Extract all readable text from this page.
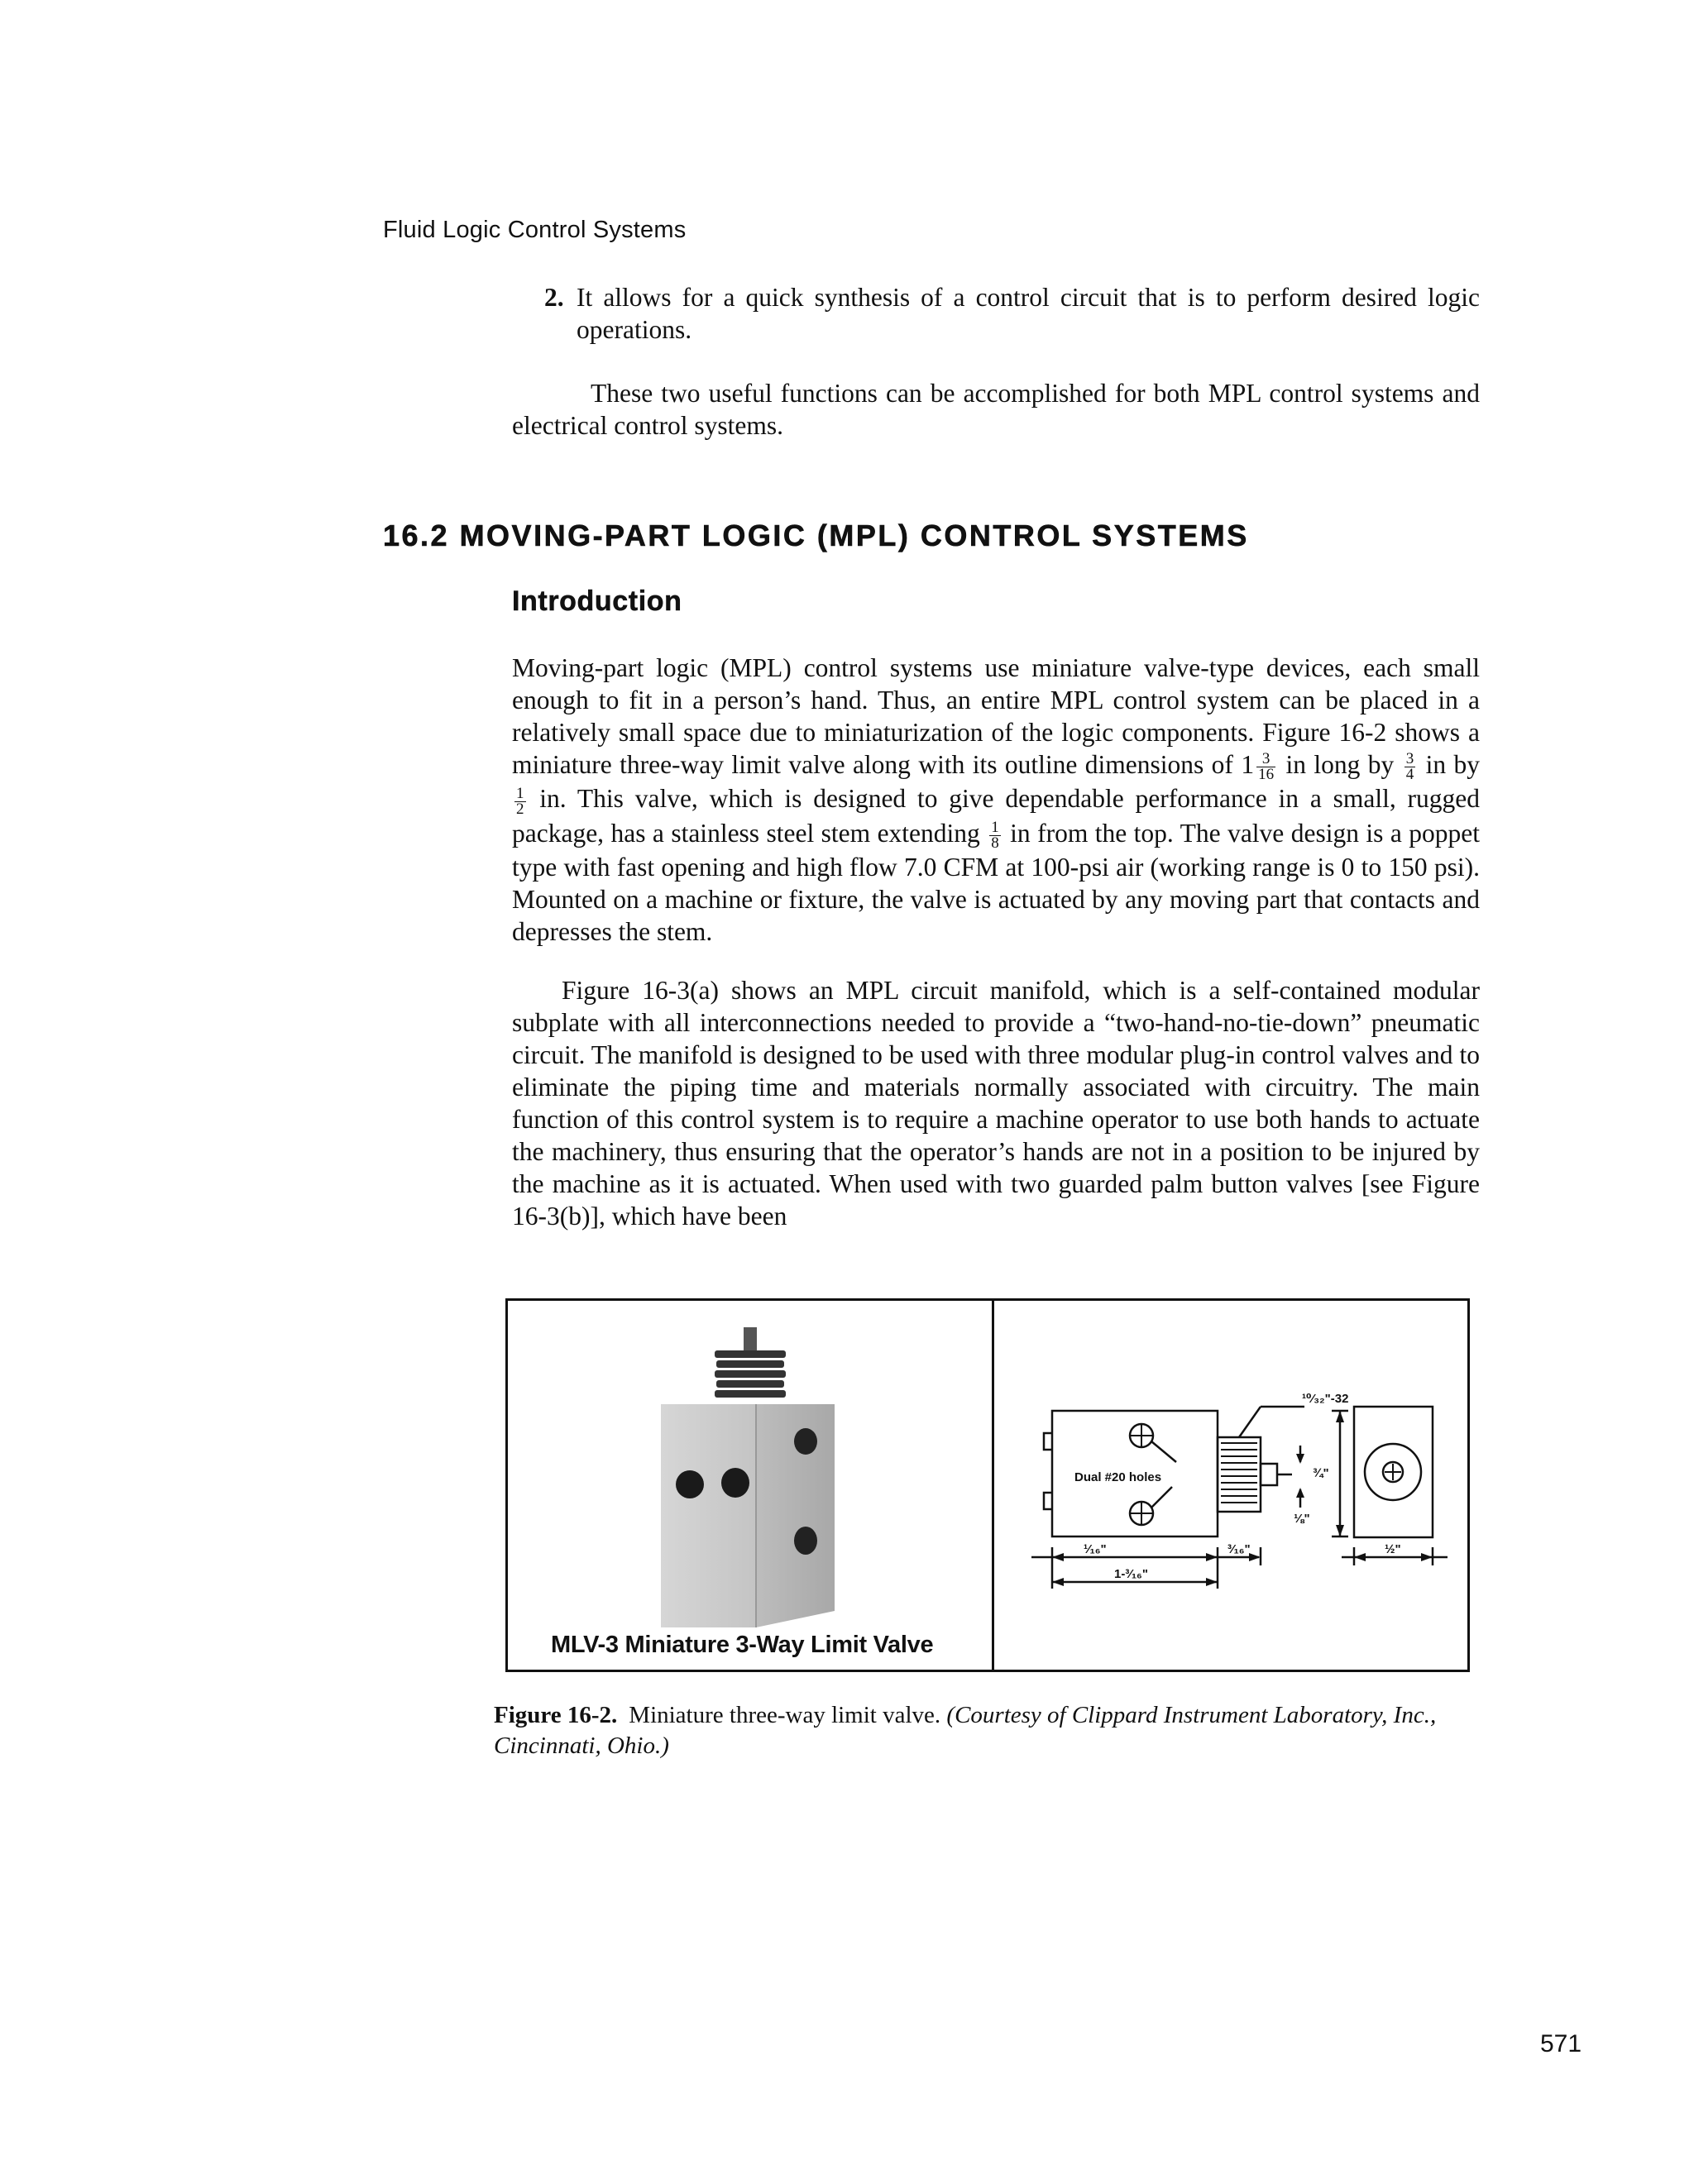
Fluid Logic Control Systems
2. It allows for a quick synthesis of a control circuit that is to perform desired logic operations.
These two useful functions can be accomplished for both MPL control systems and electrical control systems.
16.2 MOVING-PART LOGIC (MPL) CONTROL SYSTEMS
Introduction
Moving-part logic (MPL) control systems use miniature valve-type devices, each small enough to fit in a person’s hand. Thus, an entire MPL control system can be placed in a relatively small space due to miniaturization of the logic components. Figure 16-2 shows a miniature three-way limit valve along with its outline dimensions of $1 \frac{3}{16}$ in long by $\frac{3}{4}$ in by
$\frac{1}{2}$ in. This valve, which is designed to give dependable performance in a small, rugged package, has a stainless steel stem extending $\frac{1}{8}$ in from the top. The valve design is a poppet type with fast opening and high flow 7.0 CFM at 100-psi air (working range is 0 to 150 psi). Mounted on a machine or fixture, the valve is actuated by any moving part that contacts and depresses the stem.
Figure 16-3(a) shows an MPL circuit manifold, which is a self-contained modular subplate with all interconnections needed to provide a “two-hand-no-tie-down” pneumatic circuit. The manifold is designed to be used with three modular plug-in control valves and to eliminate the piping time and materials normally associated with circuitry. The main function of this control system is to require a machine operator to use both hands to actuate the machinery, thus ensuring that the operator’s hands are not in a position to be injured by the machine as it is actuated. When used with two guarded palm button valves [see Figure 16-3(b)], which have been
MLV-3 Miniature 3-Way Limit Valve
Dual #20 holes
¹⁰⁄₃₂"-32
¾"
⅛"
¹⁄₁₆"
1-³⁄₁₆"
³⁄₁₆"	½"
Figure 16-2. Miniature three-way limit valve. (Courtesy of Clippard Instrument Laboratory, Inc., Cincinnati, Ohio.)
571
